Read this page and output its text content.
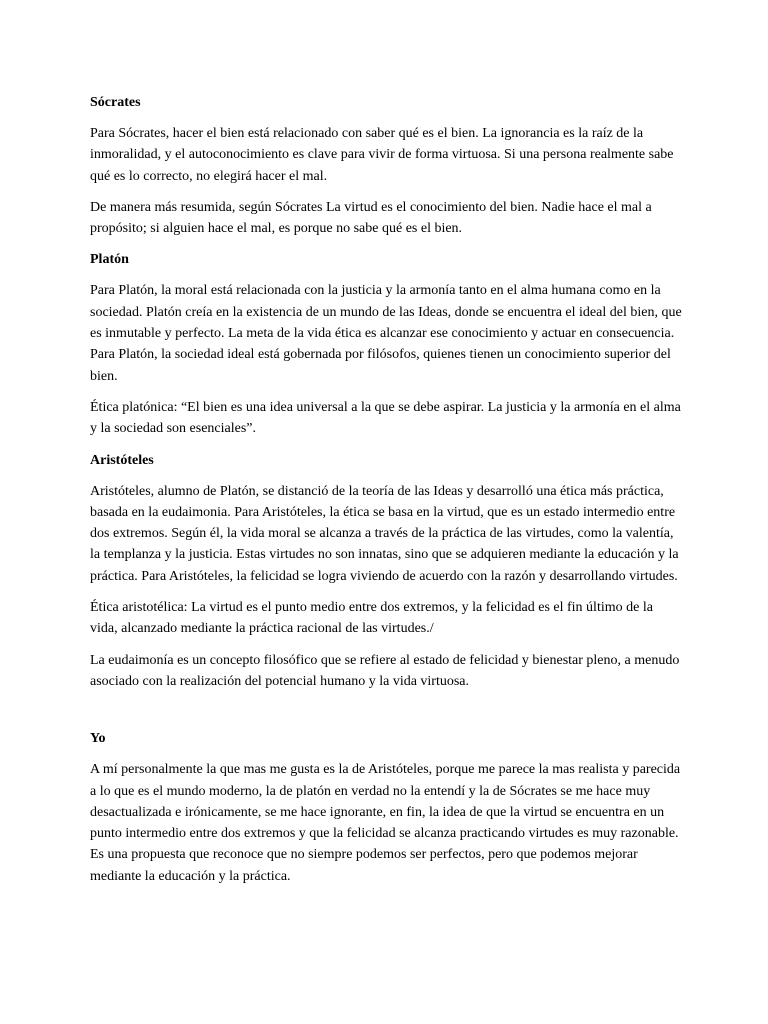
Sócrates

Para Sócrates, hacer el bien está relacionado con saber qué es el bien. La ignorancia es la raíz de la inmoralidad, y el autoconocimiento es clave para vivir de forma virtuosa. Si una persona realmente sabe qué es lo correcto, no elegirá hacer el mal.

De manera más resumida, según Sócrates La virtud es el conocimiento del bien. Nadie hace el mal a propósito; si alguien hace el mal, es porque no sabe qué es el bien.

Platón

Para Platón, la moral está relacionada con la justicia y la armonía tanto en el alma humana como en la sociedad. Platón creía en la existencia de un mundo de las Ideas, donde se encuentra el ideal del bien, que es inmutable y perfecto. La meta de la vida ética es alcanzar ese conocimiento y actuar en consecuencia. Para Platón, la sociedad ideal está gobernada por filósofos, quienes tienen un conocimiento superior del bien.

Ética platónica: “El bien es una idea universal a la que se debe aspirar. La justicia y la armonía en el alma y la sociedad son esenciales”.

Aristóteles

Aristóteles, alumno de Platón, se distanció de la teoría de las Ideas y desarrolló una ética más práctica, basada en la eudaimonia. Para Aristóteles, la ética se basa en la virtud, que es un estado intermedio entre dos extremos. Según él, la vida moral se alcanza a través de la práctica de las virtudes, como la valentía, la templanza y la justicia. Estas virtudes no son innatas, sino que se adquieren mediante la educación y la práctica. Para Aristóteles, la felicidad se logra viviendo de acuerdo con la razón y desarrollando virtudes.

Ética aristotélica: La virtud es el punto medio entre dos extremos, y la felicidad es el fin último de la vida, alcanzado mediante la práctica racional de las virtudes./

La eudaimonía es un concepto filosófico que se refiere al estado de felicidad y bienestar pleno, a menudo asociado con la realización del potencial humano y la vida virtuosa.

Yo

A mí personalmente la que mas me gusta es la de Aristóteles, porque me parece la mas realista y parecida a lo que es el mundo moderno, la de platón en verdad no la entendí y la de Sócrates se me hace muy desactualizada e irónicamente, se me hace ignorante, en fin, la idea de que la virtud se encuentra en un punto intermedio entre dos extremos y que la felicidad se alcanza practicando virtudes es muy razonable. Es una propuesta que reconoce que no siempre podemos ser perfectos, pero que podemos mejorar mediante la educación y la práctica.
